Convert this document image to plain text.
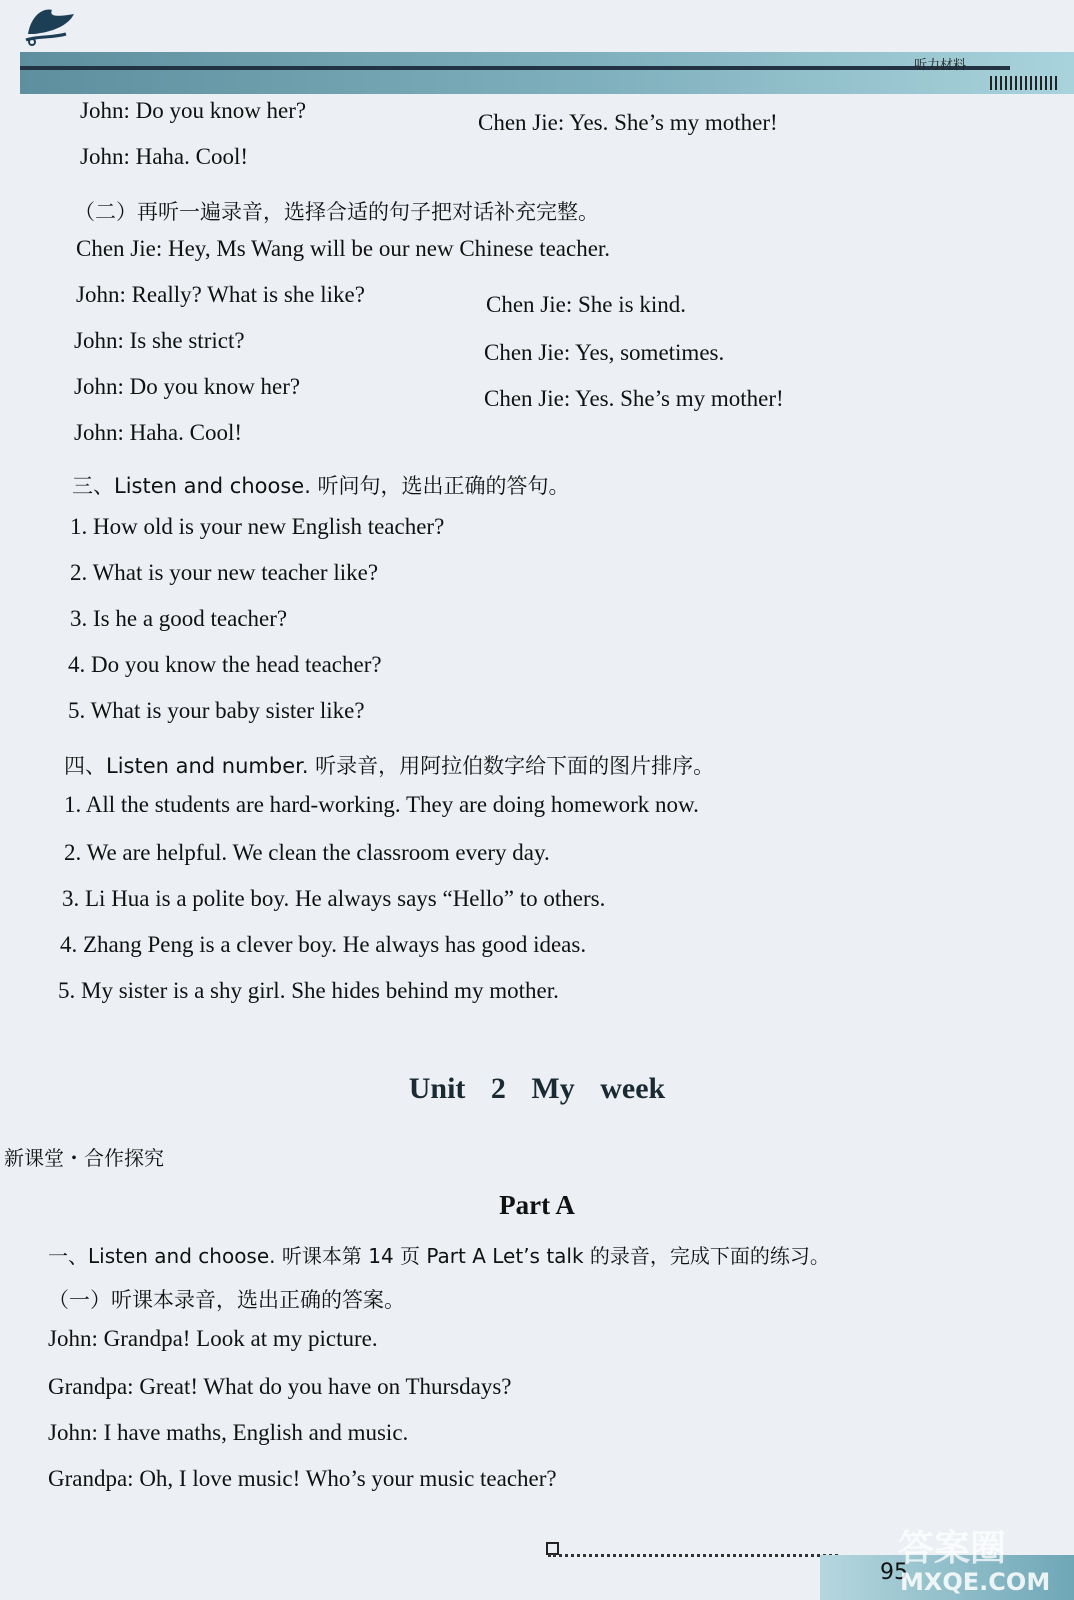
听力材料
John: Do you know her?	Chen Jie: Yes. She’s my mother!
John: Haha. Cool!
（二）再听一遍录音，选择合适的句子把对话补充完整。
Chen Jie: Hey, Ms Wang will be our new Chinese teacher.
John: Really? What is she like?	Chen Jie: She is kind.
John: Is she strict?	Chen Jie: Yes, sometimes.
John: Do you know her?	Chen Jie: Yes. She’s my mother!
John: Haha. Cool!
三、Listen and choose. 听问句，选出正确的答句。
1. How old is your new English teacher?
2. What is your new teacher like?
3. Is he a good teacher?
4. Do you know the head teacher?
5. What is your baby sister like?
四、Listen and number. 听录音，用阿拉伯数字给下面的图片排序。
1. All the students are hard-working. They are doing homework now.
2. We are helpful. We clean the classroom every day.
3. Li Hua is a polite boy. He always says “Hello” to others.
4. Zhang Peng is a clever boy. He always has good ideas.
5. My sister is a shy girl. She hides behind my mother.
Unit 2 My week
新课堂・合作探究
Part A
一、Listen and choose. 听课本第 14 页 Part A Let’s talk 的录音，完成下面的练习。
（一）听课本录音，选出正确的答案。
John: Grandpa! Look at my picture.
Grandpa: Great! What do you have on Thursdays?
John: I have maths, English and music.
Grandpa: Oh, I love music! Who’s your music teacher?
95
答案圈
MXQE.COM
